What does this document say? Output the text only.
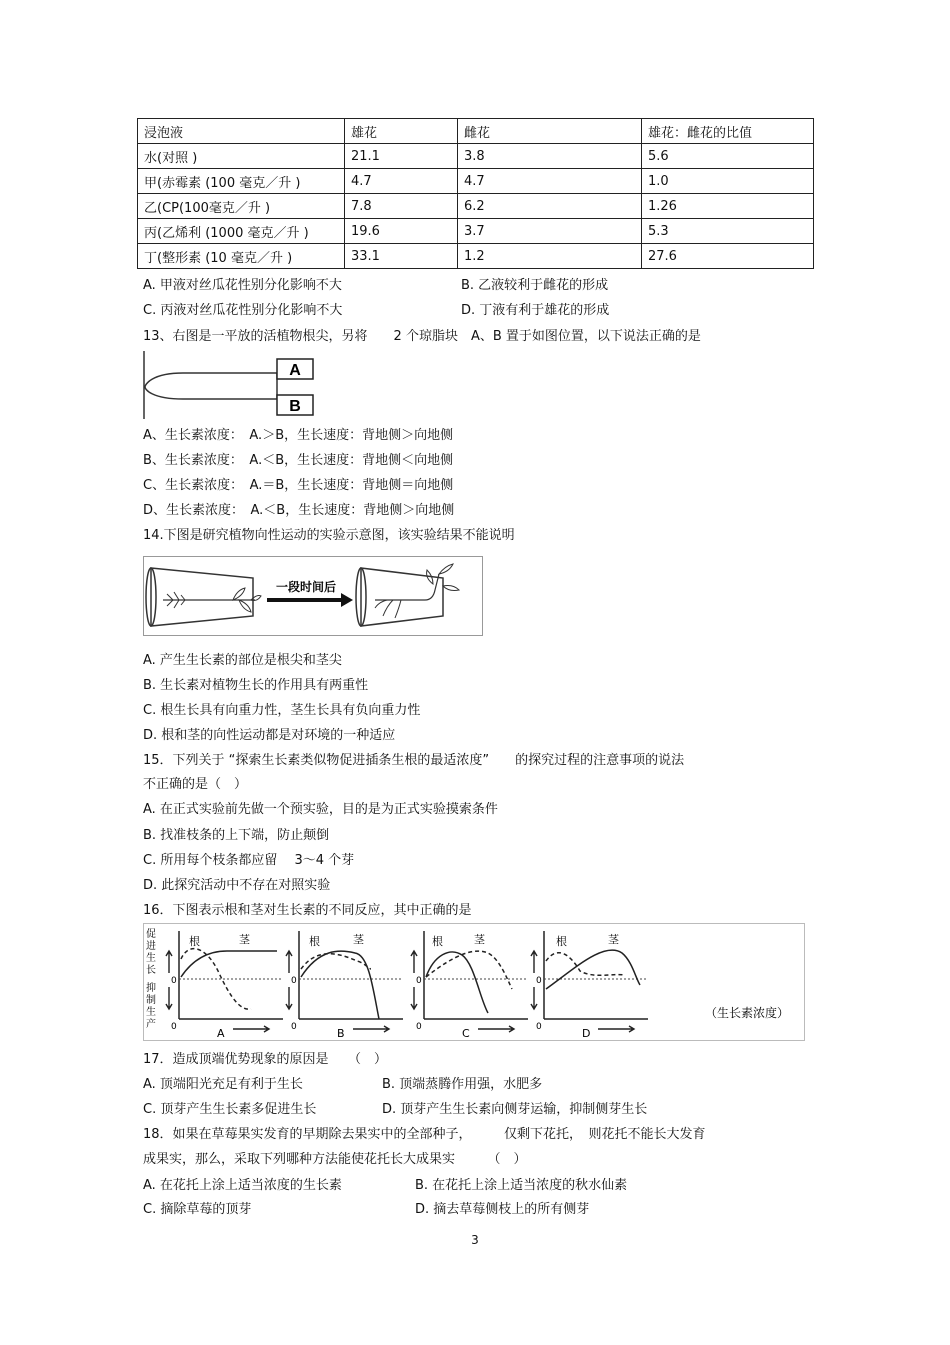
浸泡液	雄花	雌花	雄花：雌花的比值
水(对照 )	21.1	3.8	5.6
甲(赤霉素 (100 毫克／升 )	4.7	4.7	1.0
乙(CP(100毫克／升 )	7.8	6.2	1.26
丙(乙烯利 (1000 毫克／升 )	19.6	3.7	5.3
丁(整形素 (10 毫克／升 )	33.1	1.2	27.6
A. 甲液对丝瓜花性别分化影响不大	B. 乙液较利于雌花的形成
C. 丙液对丝瓜花性别分化影响不大	D. 丁液有利于雄花的形成
13、右图是一平放的活植物根尖，另将　　2 个琼脂块　A、B 置于如图位置，以下说法正确的是
A
B
A、生长素浓度：　A.＞B，生长速度：背地侧＞向地侧
B、生长素浓度：　A.＜B，生长速度：背地侧＜向地侧
C、生长素浓度：　A.＝B，生长速度：背地侧＝向地侧
D、生长素浓度：　A.＜B，生长速度：背地侧＞向地侧
14.下图是研究植物向性运动的实验示意图，该实验结果不能说明
一段时间后
A. 产生生长素的部位是根尖和茎尖
B. 生长素对植物生长的作用具有两重性
C. 根生长具有向重力性，茎生长具有负向重力性
D. 根和茎的向性运动都是对环境的一种适应
15．下列关于 “探索生长素类似物促进插条生根的最适浓度”　　的探究过程的注意事项的说法
不正确的是（　）
A. 在正式实验前先做一个预实验，目的是为正式实验摸索条件
B. 找准枝条的上下端，防止颠倒
C. 所用每个枝条都应留　 3～4 个芽
D. 此探究活动中不存在对照实验
16．下图表示根和茎对生长素的不同反应，其中正确的是
促 进 生 长
抑 制 生 产
0
0
根	茎
A
0
0
根	茎
B
0
0
根	茎
C
0
0
根	茎
D
（生长素浓度）
17．造成顶端优势现象的原因是　　（　）
A. 顶端阳光充足有利于生长	B. 顶端蒸腾作用强，水肥多
C. 顶芽产生生长素多促进生长	D. 顶芽产生生长素向侧芽运输，抑制侧芽生长
18．如果在草莓果实发育的早期除去果实中的全部种子，　　　仅剩下花托，　则花托不能长大发育
成果实，那么，采取下列哪种方法能使花托长大成果实　　　（　）
A. 在花托上涂上适当浓度的生长素	B. 在花托上涂上适当浓度的秋水仙素
C. 摘除草莓的顶芽	D. 摘去草莓侧枝上的所有侧芽
3
